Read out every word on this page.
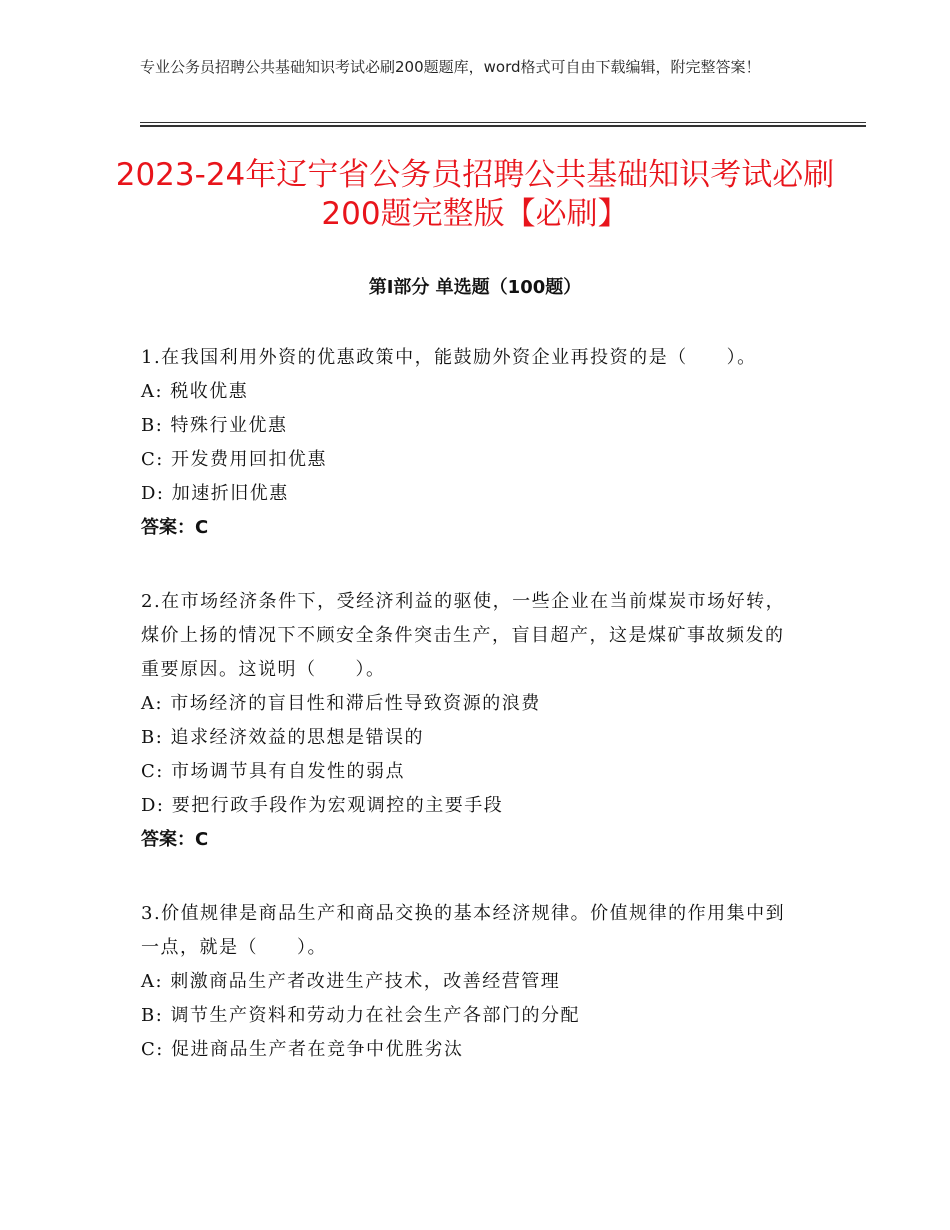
专业公务员招聘公共基础知识考试必刷200题题库，word格式可自由下载编辑，附完整答案！
2023-24年辽宁省公务员招聘公共基础知识考试必刷200题完整版【必刷】
第Ⅰ部分 单选题（100题）
1.在我国利用外资的优惠政策中，能鼓励外资企业再投资的是（　　）。
A: 税收优惠
B: 特殊行业优惠
C: 开发费用回扣优惠
D: 加速折旧优惠
答案：C
2.在市场经济条件下，受经济利益的驱使，一些企业在当前煤炭市场好转，煤价上扬的情况下不顾安全条件突击生产，盲目超产，这是煤矿事故频发的重要原因。这说明（　　）。
A: 市场经济的盲目性和滞后性导致资源的浪费
B: 追求经济效益的思想是错误的
C: 市场调节具有自发性的弱点
D: 要把行政手段作为宏观调控的主要手段
答案：C
3.价值规律是商品生产和商品交换的基本经济规律。价值规律的作用集中到一点，就是（　　）。
A: 刺激商品生产者改进生产技术，改善经营管理
B: 调节生产资料和劳动力在社会生产各部门的分配
C: 促进商品生产者在竞争中优胜劣汰
